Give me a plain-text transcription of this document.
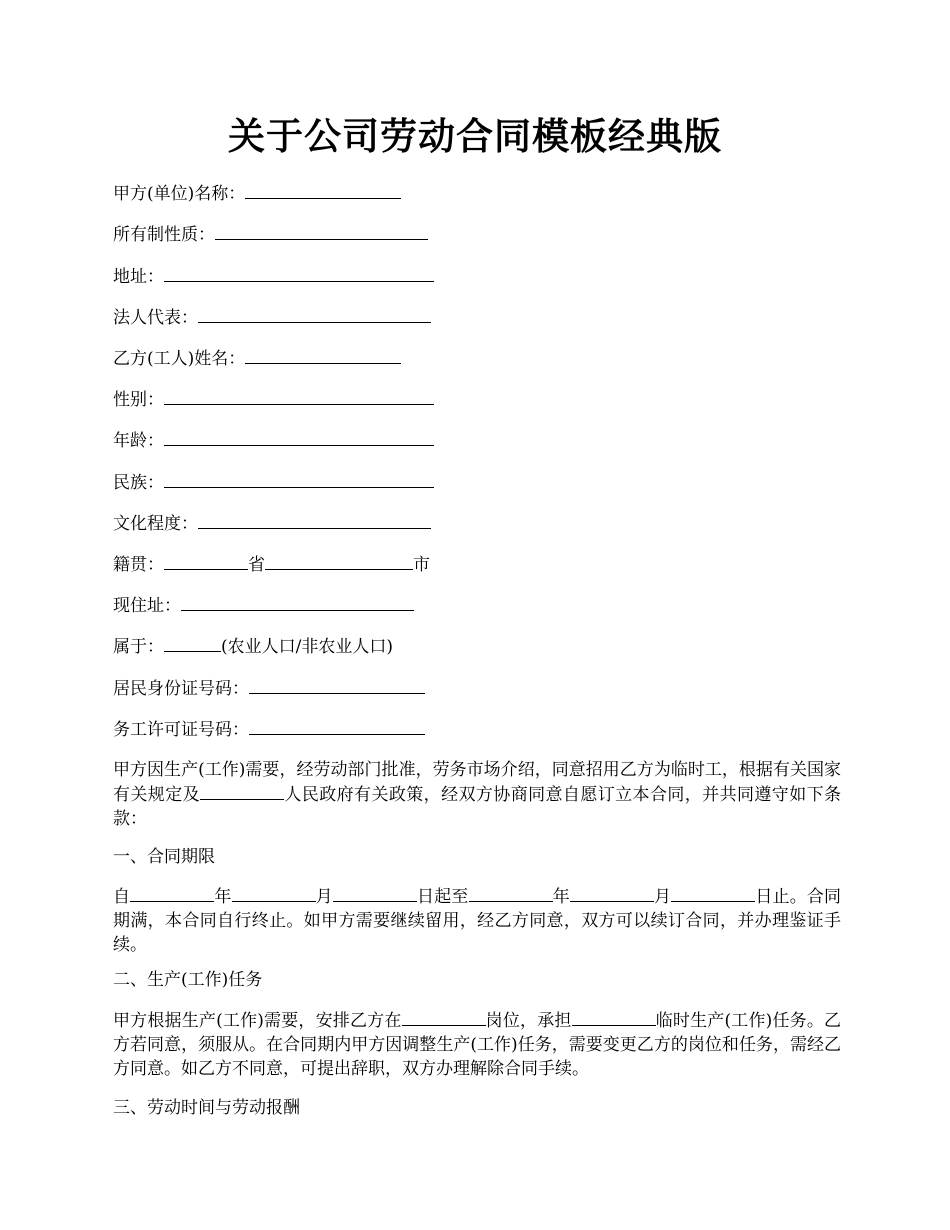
关于公司劳动合同模板经典版
甲方(单位)名称：
所有制性质：
地址：
法人代表：
乙方(工人)姓名：
性别：
年龄：
民族：
文化程度：
籍贯：	省	市
现住址：
属于：	(农业人口/非农业人口)
居民身份证号码：
务工许可证号码：
甲方因生产(工作)需要，经劳动部门批准，劳务市场介绍，同意招用乙方为临时工，根据有关国家有关规定及	人民政府有关政策，经双方协商同意自愿订立本合同，并共同遵守如下条款：
一、合同期限
自	年	月	日起至	年	月	日止。合同期满，本合同自行终止。如甲方需要继续留用，经乙方同意，双方可以续订合同，并办理鉴证手续。
二、生产(工作)任务
甲方根据生产(工作)需要，安排乙方在	岗位，承担	临时生产(工作)任务。乙方若同意，须服从。在合同期内甲方因调整生产(工作)任务，需要变更乙方的岗位和任务，需经乙方同意。如乙方不同意，可提出辞职，双方办理解除合同手续。
三、劳动时间与劳动报酬
